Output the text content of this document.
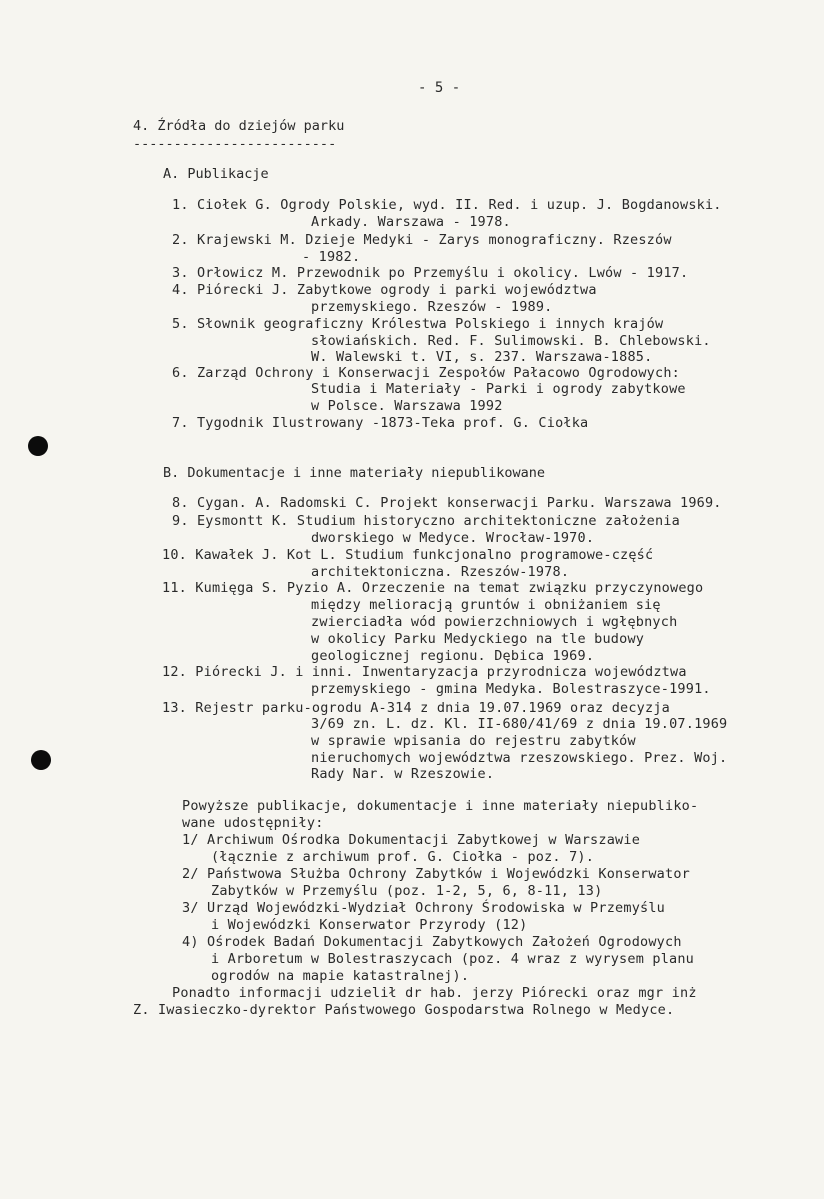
- 5 -
4. Źródła do dziejów parku
-------------------------
A. Publikacje
1. Ciołek G. Ogrody Polskie, wyd. II. Red. i uzup. J. Bogdanowski.
Arkady. Warszawa - 1978.
2. Krajewski M. Dzieje Medyki - Zarys monograficzny. Rzeszów
- 1982.
3. Orłowicz M. Przewodnik po Przemyślu i okolicy. Lwów - 1917.
4. Piórecki J. Zabytkowe ogrody i parki województwa
przemyskiego. Rzeszów - 1989.
5. Słownik geograficzny Królestwa Polskiego i innych krajów
słowiańskich. Red. F. Sulimowski. B. Chlebowski.
W. Walewski t. VI, s. 237. Warszawa-1885.
6. Zarząd Ochrony i Konserwacji Zespołów Pałacowo Ogrodowych:
Studia i Materiały - Parki i ogrody zabytkowe
w Polsce. Warszawa 1992
7. Tygodnik Ilustrowany -1873-Teka prof. G. Ciołka
B. Dokumentacje i inne materiały niepublikowane
8. Cygan. A. Radomski C. Projekt konserwacji Parku. Warszawa 1969.
9. Eysmontt K. Studium historyczno architektoniczne założenia
dworskiego w Medyce. Wrocław-1970.
10. Kawałek J. Kot L. Studium funkcjonalno programowe-część
architektoniczna. Rzeszów-1978.
11. Kumięga S. Pyzio A. Orzeczenie na temat związku przyczynowego
między melioracją gruntów i obniżaniem się
zwierciadła wód powierzchniowych i wgłębnych
w okolicy Parku Medyckiego na tle budowy
geologicznej regionu. Dębica 1969.
12. Piórecki J. i inni. Inwentaryzacja przyrodnicza województwa
przemyskiego - gmina Medyka. Bolestraszyce-1991.
13. Rejestr parku-ogrodu A-314 z dnia 19.07.1969 oraz decyzja
3/69 zn. L. dz. Kl. II-680/41/69 z dnia 19.07.1969
w sprawie wpisania do rejestru zabytków
nieruchomych województwa rzeszowskiego. Prez. Woj.
Rady Nar. w Rzeszowie.
Powyższe publikacje, dokumentacje i inne materiały niepubliko-
wane udostępniły:
1/ Archiwum Ośrodka Dokumentacji Zabytkowej w Warszawie
(łącznie z archiwum prof. G. Ciołka - poz. 7).
2/ Państwowa Służba Ochrony Zabytków i Wojewódzki Konserwator
Zabytków w Przemyślu (poz. 1-2, 5, 6, 8-11, 13)
3/ Urząd Wojewódzki-Wydział Ochrony Środowiska w Przemyślu
i Wojewódzki Konserwator Przyrody (12)
4) Ośrodek Badań Dokumentacji Zabytkowych Założeń Ogrodowych
i Arboretum w Bolestraszycach (poz. 4 wraz z wyrysem planu
ogrodów na mapie katastralnej).
Ponadto informacji udzielił dr hab. jerzy Piórecki oraz mgr inż
Z. Iwasieczko-dyrektor Państwowego Gospodarstwa Rolnego w Medyce.
